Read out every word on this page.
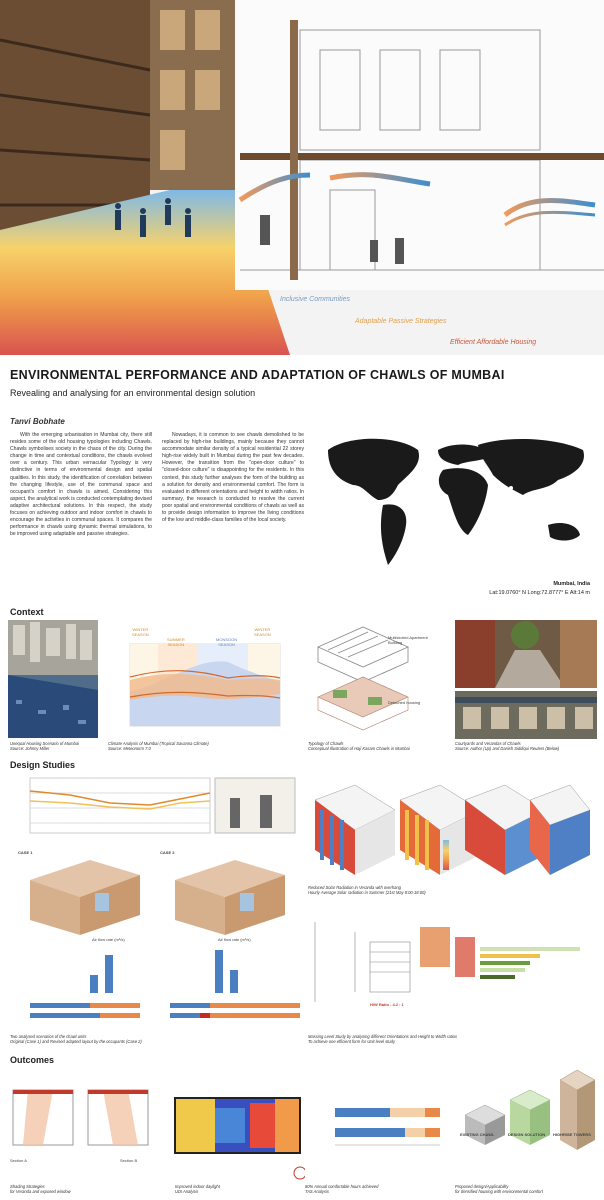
Inclusive Communities
Adaptable Passive Strategies
Efficient Affordable Housing
ENVIRONMENTAL PERFORMANCE AND ADAPTATION OF CHAWLS OF MUMBAI
Revealing and analysing for an environmental design solution
Tanvi Bobhate
With the emerging urbanisation in Mumbai city, there still resides some of the old housing typologies including Chawls. Chawls symbolises society in the chaos of the city. During the change in time and contextual conditions, the chawls evolved over a century. This urban vernacular Typology is very distinctive in terms of environmental design and spatial qualities. In this study, the identification of correlation between the changing lifestyle, use of the communal space and occupant's comfort in chawls is aimed. Considering this aspect, the analytical work is conducted contemplating devised adaptive architectural solutions. In this respect, the study focuses on achieving outdoor and indoor comfort in chawls to encourage the activities in communal spaces. It compares the performance in chawls using dynamic thermal simulations, to be improved using adaptable and passive strategies.
Nowadays, it is common to see chawls demolished to be replaced by high-rise buildings, mainly because they cannot accommodate similar density of a typical residential 22 storey high-rise widely built in Mumbai during the past few decades. However, the transition from the "open-door culture" to "closed-door culture" is disappointing for the residents. In this context, this study further analyses the form of the building as a solution for density and environmental comfort. The form is evaluated in different orientations and height to width ratios. In summary, the research is conducted to resolve the current poor spatial and environmental conditions of chawls as well as to provide design information to improve the living conditions of the low and middle-class families of the local society.
Mumbai, India
Lat:19.0760° N Long:72.8777° E Alt:14 m
Context
Unequal Housing Scenario of Mumbai
Source: Johnny Miller
WINTER
SEASON
SUMMER
SEASON
MONSOON
SEASON
WINTER
SEASON
Climate Analysis of Mumbai (Tropical Savanna Climate)
Source: Meteonorm 7.0
Multistoried Apartment Building
Detached housing
Typology of Chawls
Conceptual Illustration of Haji Kasam Chawls in Mumbai
Courtyards and Verandas of Chawls
Source: Author (Up) and Danish Siddiqui Reuters (Below)
Design Studies
CASE 1	CASE 2
Air flow rate (m³/s)	Air flow rate (m³/s)
Two analysed scenarios of the chawl units
Original (Case 1) and Revised adapted layout by the occupants (Case 2)
Reduced Solar Radiation in Veranda with overhang
Hourly Average Solar radiation in Summer (21st May 8:00-18:00)
H/W Ratio - 4.2 : 1
Massing Level Study by analysing different Orientations and Height to Width ratios
To achieve one efficient form for Unit level study
Outcomes
Section A	Section B
Shading Strategies
for Veranda and exposed window
Improved indoor daylight
UDI Analysis
80% Annual comfortable hours achieved
TAS Analysis
EXISTING CHAWL	DESIGN SOLUTION HIGHRISE TOWERS
Proposed design/Applicability
for densified housing with environmental comfort
